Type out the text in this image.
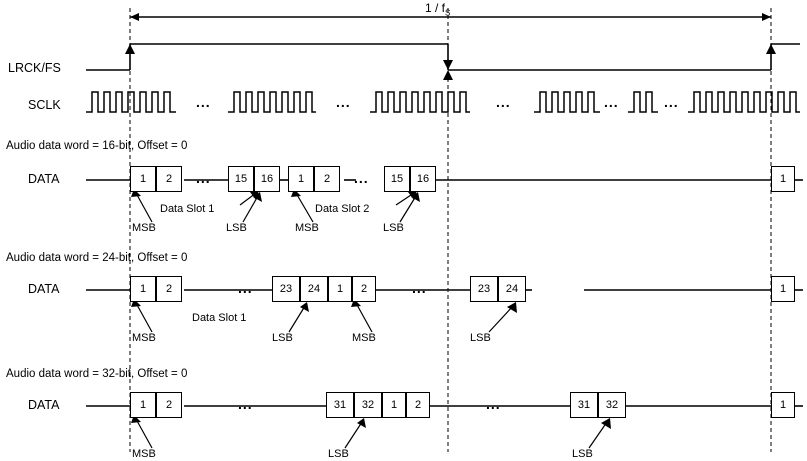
$1 / f_S$
LRCK/FS
SCLK	...	...	...	...	...
Audio data word = 16-bit, Offset = 0
DATA	1	2	...	15	16	1	2	...	15	16	1
MSB
Data Slot 1
LSB	MSB
Data Slot 2
LSB
Audio data word = 24-bit, Offset = 0
DATA	1	2	...	23	24	1	2	...	23	24	1
MSB
Data Slot 1
LSB	MSB	LSB
Audio data word = 32-bit, Offset = 0
DATA	1	2	...	31	32	1	2	...	31	32	1
MSB	LSB	LSB
